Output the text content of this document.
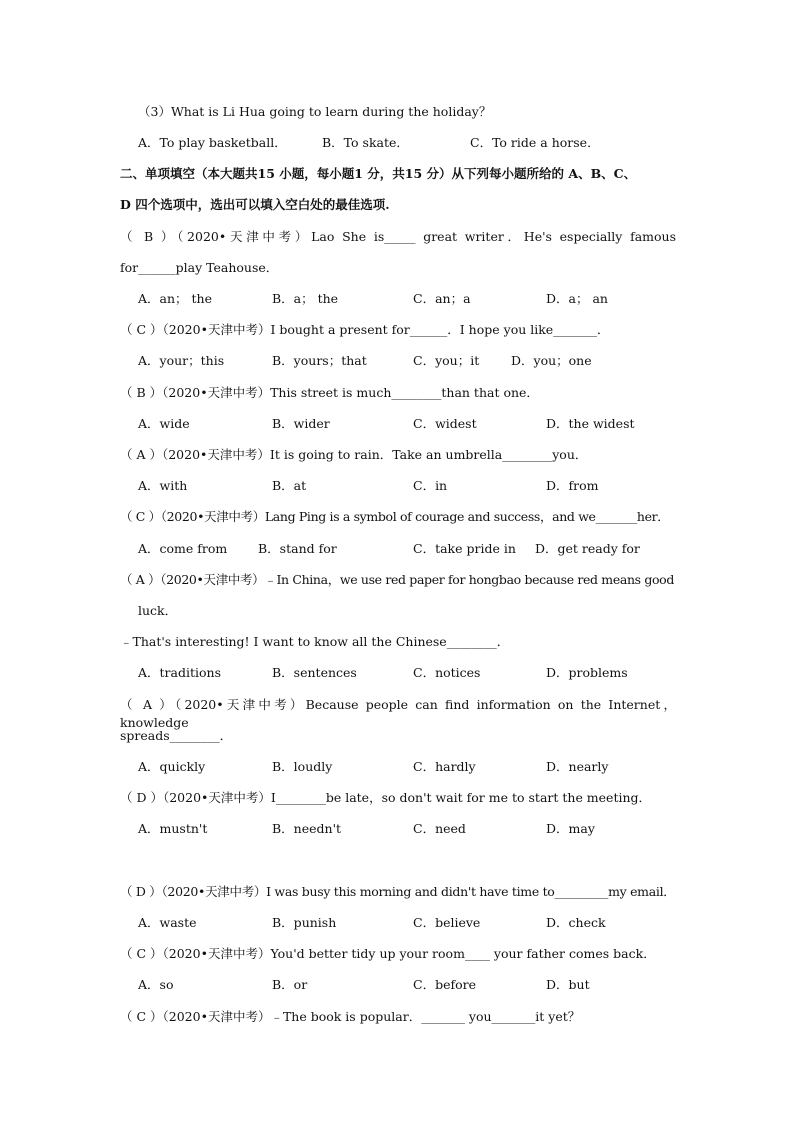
（3）What is Li Hua going to learn during the holiday？
A．To play basketball．	B．To skate．	C．To ride a horse．
二、单项填空（本大题共15 小题，每小题1 分，共15 分）从下列每小题所给的 A、B、C、
D 四个选项中，选出可以填入空白处的最佳选项.
（ B ）（2020•天津中考）Lao She is_____ great writer．He's especially famous
for______play Teahouse．
A．an； the	B．a； the	C．an；a	D．a； an
（ C ）（2020•天津中考）I bought a present for______．I hope you like_______．
A．your；this	B．yours；that	C．you；it	D．you；one
（ B ）（2020•天津中考）This street is much________than that one．
A．wide	B．wider	C．widest	D．the widest
（ A ）（2020•天津中考）It is going to rain．Take an umbrella________you．
A．with	B．at	C．in	D．from
（ C ）（2020•天津中考）Lang Ping is a symbol of courage and success，and we_______her．
A．come from B．stand for	C．take pride in D．get ready for
（ A ）（2020•天津中考）﹣In China，we use red paper for hongbao because red means good
luck．
﹣That's interesting! I want to know all the Chinese________．
A．traditions	B．sentences	C．notices	D．problems
（ A ）（2020•天津中考）Because people can find information on the Internet，knowledge
spreads________．
A．quickly	B．loudly	C．hardly	D．nearly
（ D ）（2020•天津中考）I________be late，so don't wait for me to start the meeting．
A．mustn't	B．needn't	C．need	D．may
（ D ）（2020•天津中考）I was busy this morning and didn't have time to_________my email．
A．waste	B．punish	C．believe	D．check
（ C ）（2020•天津中考）You'd better tidy up your room____ your father comes back．
A．so	B．or	C．before	D．but
（ C ）（2020•天津中考）﹣The book is popular．_______ you_______it yet？
